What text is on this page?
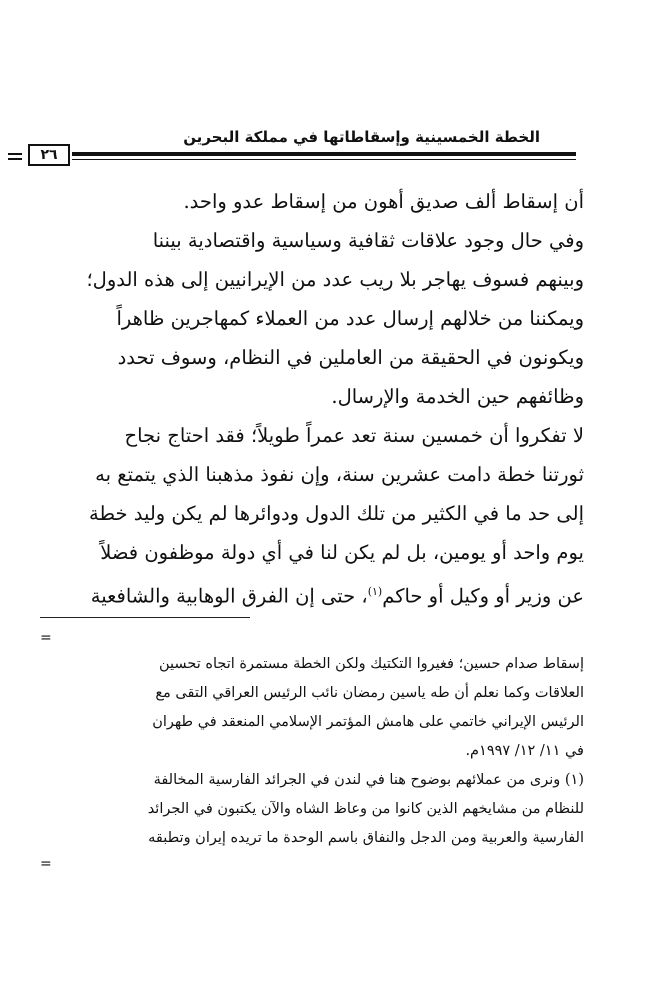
الخطة الخمسينية وإسقاطاتها في مملكة البحرين
٢٦

أن إسقاط ألف صديق أهون من إسقاط عدو واحد.

وفي حال وجود علاقات ثقافية وسياسية واقتصادية بيننا

وبينهم فسوف يهاجر بلا ريب عدد من الإيرانيين إلى هذه الدول؛

ويمكننا من خلالهم إرسال عدد من العملاء كمهاجرين ظاهراً

ويكونون في الحقيقة من العاملين في النظام، وسوف تحدد

وظائفهم حين الخدمة والإرسال.

لا تفكروا أن خمسين سنة تعد عمراً طويلاً؛ فقد احتاج نجاح

ثورتنا خطة دامت عشرين سنة، وإن نفوذ مذهبنا الذي يتمتع به

إلى حد ما في الكثير من تلك الدول ودوائرها لم يكن وليد خطة

يوم واحد أو يومين، بل لم يكن لنا في أي دولة موظفون فضلاً

عن وزير أو وكيل أو حاكم$^{(١)}$، حتى إن الفرق الوهابية والشافعية

=

إسقاط صدام حسين؛ فغيروا التكتيك ولكن الخطة مستمرة اتجاه تحسين

العلاقات وكما نعلم أن طه ياسين رمضان نائب الرئيس العراقي التقى مع

الرئيس الإيراني خاتمي على هامش المؤتمر الإسلامي المنعقد في طهران

في ١١/ ١٢/ ١٩٩٧م.

(١) ونرى من عملائهم بوضوح هنا في لندن في الجرائد الفارسية المخالفة

للنظام من مشايخهم الذين كانوا من وعاظ الشاه والآن يكتبون في الجرائد

الفارسية والعربية ومن الدجل والنفاق باسم الوحدة ما تريده إيران وتطبقه

=
